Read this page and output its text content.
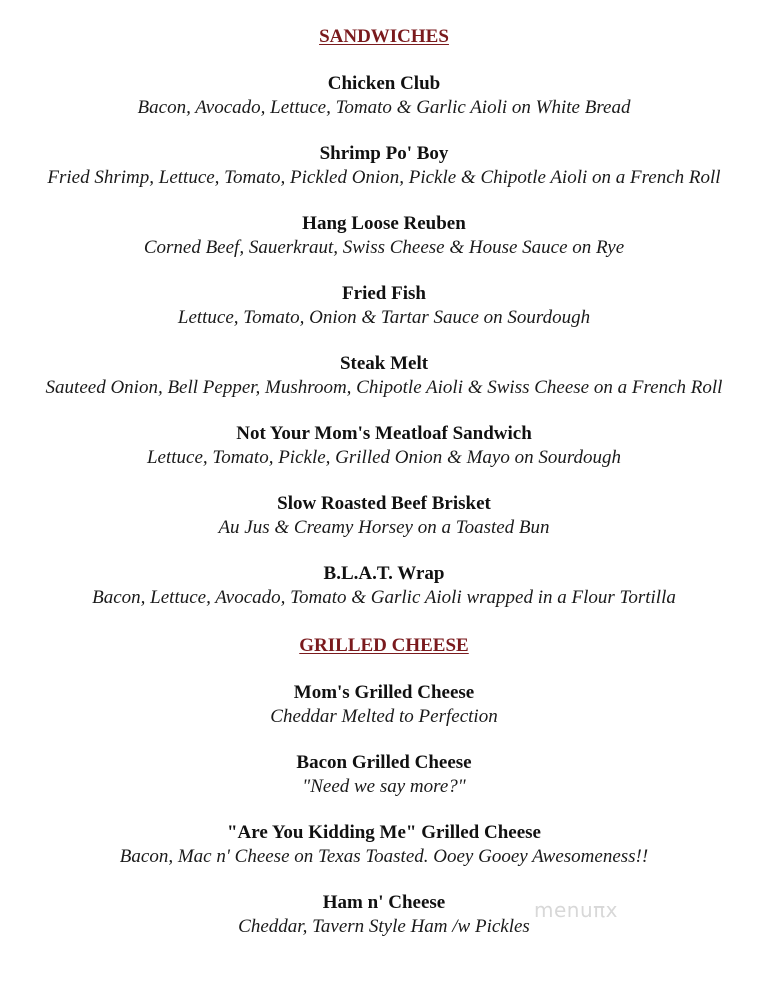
SANDWICHES

Chicken Club

Bacon, Avocado, Lettuce, Tomato & Garlic Aioli on White Bread

Shrimp Po' Boy

Fried Shrimp, Lettuce, Tomato, Pickled Onion, Pickle & Chipotle Aioli on a French Roll

Hang Loose Reuben

Corned Beef, Sauerkraut, Swiss Cheese & House Sauce on Rye

Fried Fish

Lettuce, Tomato, Onion & Tartar Sauce on Sourdough

Steak Melt

Sauteed Onion, Bell Pepper, Mushroom, Chipotle Aioli & Swiss Cheese on a French Roll

Not Your Mom's Meatloaf Sandwich

Lettuce, Tomato, Pickle, Grilled Onion & Mayo on Sourdough

Slow Roasted Beef Brisket

Au Jus & Creamy Horsey on a Toasted Bun

B.L.A.T. Wrap

Bacon, Lettuce, Avocado, Tomato & Garlic Aioli wrapped in a Flour Tortilla

GRILLED CHEESE

Mom's Grilled Cheese

Cheddar Melted to Perfection

Bacon Grilled Cheese

"Need we say more?"

"Are You Kidding Me" Grilled Cheese

Bacon, Mac n' Cheese on Texas Toasted. Ooey Gooey Awesomeness!!

Ham n' Cheese

Cheddar, Tavern Style Ham /w Pickles

menuπx
